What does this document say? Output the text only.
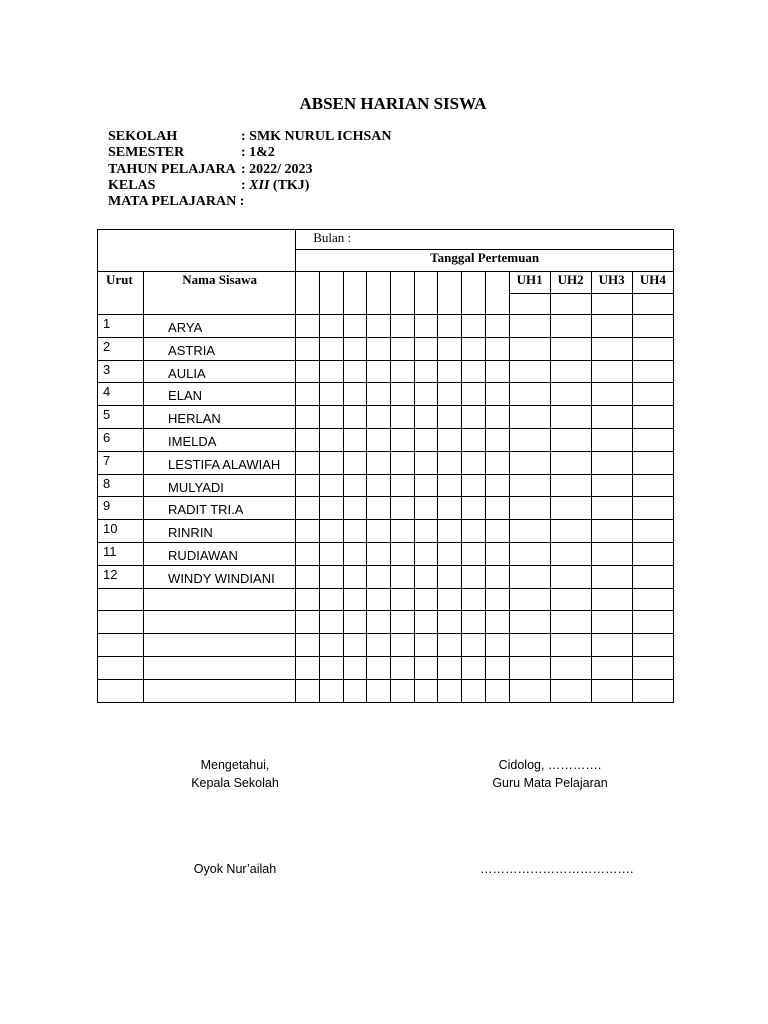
ABSEN HARIAN SISWA
SEKOLAH	: SMK NURUL ICHSAN
SEMESTER	: 1&2
TAHUN PELAJARA : 2022/ 2023
KELAS	: XII (TKJ)
MATA PELAJARAN :
		Bulan :												
		Tanggal Pertemuan												
Urut	Nama Sisawa										UH1	UH2	UH3	UH4

1	ARYA													
2	ASTRIA													
3	AULIA													
4	ELAN													
5	HERLAN													
6	IMELDA													
7	LESTIFA ALAWIAH													
8	MULYADI													
9	RADIT TRI.A													
10	RINRIN													
11	RUDIAWAN													
12	WINDY WINDIANI													

Mengetahui,
Kepala Sekolah
Oyok Nur’ailah
Cidolog, ………….
Guru Mata Pelajaran
……………………………….
